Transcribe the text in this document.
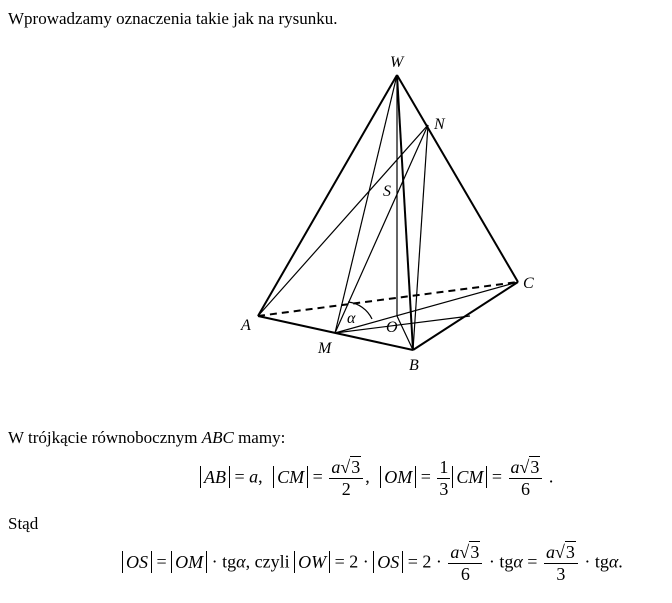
Wprowadzamy oznaczenia takie jak na rysunku.
W
N
S
C
A	O
M
B
α
W trójkącie równobocznym ABC mamy:
AB = a, CM = $\frac{a√3}{2}$ , OM = $\frac{1}{3}$ CM = $\frac{a√3}{6}$ .
Stąd
OS = OM · tgα, czyli OW = 2 · OS = $2 \cdot \frac{a√3}{6} \cdot tg\alpha = \frac{a√3}{3} \cdot tg\alpha$.
